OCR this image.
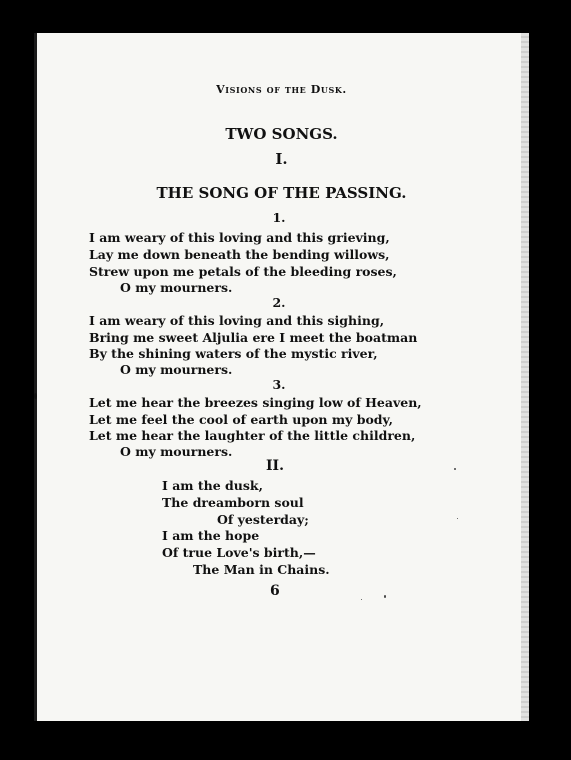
Visions of the Dusk.
TWO SONGS.
I.
THE SONG OF THE PASSING.
1.
I am weary of this loving and this grieving,
Lay me down beneath the bending willows,
Strew upon me petals of the bleeding roses,
O my mourners.
2.
I am weary of this loving and this sighing,
Bring me sweet Aljulia ere I meet the boatman
By the shining waters of the mystic river,
O my mourners.
3.
Let me hear the breezes singing low of Heaven,
Let me feel the cool of earth upon my body,
Let me hear the laughter of the little children,
O my mourners.
II.
I am the dusk,
The dreamborn soul
Of yesterday;
I am the hope
Of true Love's birth,—
The Man in Chains.
6
